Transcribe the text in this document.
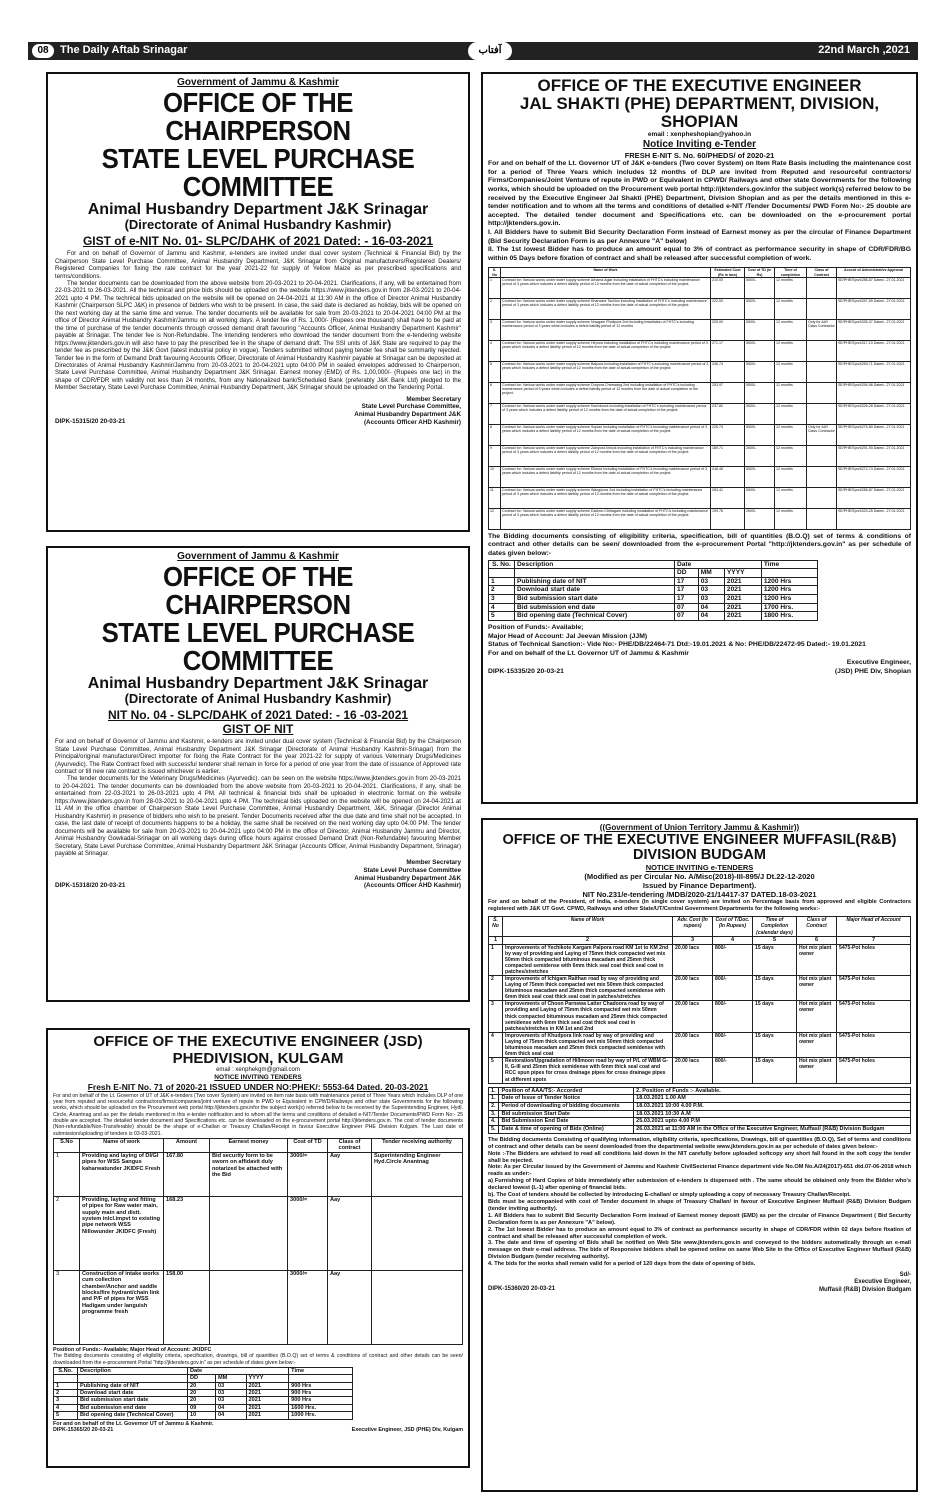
08	The Daily Aftab Srinagar	آفتاب	22nd March ,2021
Government of Jammu & Kashmir
OFFICE OF THE CHAIRPERSON
STATE LEVEL PURCHASE COMMITTEE
Animal Husbandry Department J&K Srinagar
(Directorate of Animal Husbandry Kashmir)
GIST of e-NIT No. 01- SLPC/DAHK of 2021 Dated: - 16-03-2021

For and on behalf of Governor of Jammu and Kashmir, e-tenders are invited under dual cover system (Technical & Financial Bid) by the Chairperson State Level Purchase Committee, Animal Husbandry Department, J&K Srinagar from Original manufacturers/Registered Dealers/ Registered Companies for fixing the rate contract for the year 2021-22 for supply of Yellow Maize as per prescribed specifications and terms/conditions.

The tender documents can be downloaded from the above website from 20-03-2021 to 20-04-2021. Clarifications, if any, will be entertained from 22-03-2021 to 26-03-2021. All the technical and price bids should be uploaded on the website https://www.jktenders.gov.in from 28-03-2021 to 20-04-2021 upto 4 PM. The technical bids uploaded on the website will be opened on 24-04-2021 at 11:30 AM in the office of Director Animal Husbandry Kashmir (Chairperson SLPC J&K) in presence of bidders who wish to be present. In case, the said date is declared as holiday, bids will be opened on the next working day at the same time and venue. The tender documents will be available for sale from 20-03-2021 to 20-04-2021 04:00 PM at the office of Director Animal Husbandry Kashmir/Jammu on all working days. A tender fee of Rs. 1,000/- (Rupees one thousand) shall have to be paid at the time of purchase of the tender documents through crossed demand draft favouring "Accounts Officer, Animal Husbandry Department Kashmir" payable at Srinagar. The tender fee is Non-Refundable. The intending tenderers who download the tender document from the e-tendering website https://www.jktenders.gov.in will also have to pay the prescribed fee in the shape of demand draft. The SSI units of J&K State are required to pay the tender fee as prescribed by the J&K Govt (latest industrial policy in vogue). Tenders submitted without paying tender fee shall be summarily rejected. Tender fee in the form of Demand Draft favouring Accounts Officer, Directorate of Animal Husbandry Kashmir payable at Srinagar can be deposited at Directorates of Animal Husbandry Kashmir/Jammu from 20-03-2021 to 20-04-2021 upto 04:00 PM in sealed envelopes addressed to Chairperson, State Level Purchase Committee, Animal Husbandry Department J&K Srinagar. Earnest money (EMD) of Rs. 1,00,000/- (Rupees one lac) in the shape of CDR/FDR with validity not less than 24 months, from any Nationalized bank/Scheduled Bank (preferably J&K Bank Ltd) pledged to the Member Secretary, State Level Purchase Committee, Animal Husbandry Department, J&K Srinagar should be uploaded on the Tendering Portal.

Member Secretary
State Level Purchase Committee,
Animal Husbandry Department J&K
(Accounts Officer AHD Kashmir)
DIPK-15315/20 20-03-21
Government of Jammu & Kashmir
OFFICE OF THE CHAIRPERSON
STATE LEVEL PURCHASE COMMITTEE
Animal Husbandry Department J&K Srinagar
(Directorate of Animal Husbandry Kashmir)
NIT No. 04 - SLPC/DAHK of 2021 Dated: - 16 -03-2021
GIST OF NIT

For and on behalf of Governor of Jammu and Kashmir, e-tenders are invited under dual cover system (Technical & Financial Bid) by the Chairperson State Level Purchase Committee, Animal Husbandry Department J&K Srinagar (Directorate of Animal Husbandry Kashmir-Srinagar) from the Principal/original manufacturer/Direct importer for fixing the Rate Contract for the year 2021-22 for supply of various Veterinary Drugs/Medicines (Ayurvedic). The Rate Contract fixed with successful tenderer shall remain in force for a period of one year from the date of issuance of Approved rate contract or till new rate contract is issued whichever is earlier.

The tender documents for the Veterinary Drugs/Medicines (Ayurvedic). can be seen on the website https://www.jktenders.gov.in from 20-03-2021 to 20-04-2021. The tender documents can be downloaded from the above website from 20-03-2021 to 20-04-2021. Clarifications, if any, shall be entertained from 22-03-2021 to 26-03-2021 upto 4 PM. All technical & financial bids shall be uploaded in electronic format on the website https://www.jktenders.gov.in from 28-03-2021 to 20-04-2021 upto 4 PM. The technical bids uploaded on the website will be opened on 24-04-2021 at 11 AM in the office chamber of Chairperson State Level Purchase Committee, Animal Husbandry Department, J&K, Srinagar (Director Animal Husbandry Kashmir) in presence of bidders who wish to be present. Tender Documents received after the due date and time shall not be accepted. In case, the last date of receipt of documents happens to be a holiday, the same shall be received on the next working day upto 04.00 PM. The tender documents will be available for sale from 20-03-2021 to 20-04-2021 upto 04:00 PM in the office of Director, Animal Husbandry Jammu and Director, Animal Husbandry Gowkadal-Srinagar on all working days during office hours against crossed Demand Draft (Non-Refundable) favouring Member Secretary, State Level Purchase Committee, Animal Husbandry Department J&K Srinagar (Accounts Officer, Animal Husbandry Department, Srinagar) payable at Srinagar.

Member Secretary
State Level Purchase Committee
Animal Husbandry Department J&K
(Accounts Officer AHD Kashmir)
DIPK-15318/20 20-03-21
OFFICE OF THE EXECUTIVE ENGINEER (JSD) PHEDIVISION, KULGAM
email : xenphekgm@gmail.com
NOTICE INVITING TENDERS
Fresh E-NIT No. 71 of 2020-21 ISSUED UNDER NO:PHEK/: 5553-64 Dated. 20-03-2021
For and on behalf of the Lt. Governor of UT of J&K e-tenders (Two cover System) are invited on item rate basis with maintenance period of Three Years which includes DLP of one year from reputed and resourceful contractors/firms/companies/joint venture of repute in PWD or Equivalent in CPWD/Railways and other state Governments for the following works, which should be uploaded on the Procurement web portal http://jktenders.gov.infor the subject work(s) referred below to be received by the Superintending Engineer, Hydl. Circle, Anantnag and as per the details mentioned in this e-tender notification and to whom all the terms and conditions of detailed e-NIT/Tender Documents/PWD Form No:- 25 double are accepted. The detailed tender document and Specifications etc. can be downloaded on the e-procurement portal http://jktenders.gov.in. The cost of tender documents (Non-refundable/Non-Transferable) should be the shape of e-Challan or Treasury Challan/Receipt in favour Executive Engineer PHE Division Kulgam. The Last date of submission/uploading of tenders is 03-03-2021.
S.No	Name of work	Amount	Earnest money	Cost of TD	Class of contract	Tender receiving authority
1	Providing and laying of DI/GI pipes for WSS Sangus kaharwatunder JKIDFC Fresh	167.80	Bid security form to be sworn on affidavit duly notarized be attached with the Bid	3000/=	Aay	Superintending Engineer Hyd.Circle Anantnag
2	Providing, laying and fitting of pipes for Raw water main, supply main and distt. system inlcl.impvt to existing pipe network WSS Nillowunder JKIDFC (Fresh)	168.23		3000/=	Aay	
3	Construction of intake works cum collection chamber/Anchor and saddle blocks/fire hydrant/chain link and P/F of pipes for WSS Hadigam under languish programme fresh	158.00		3000/=	Aay	
Position of Funds:- Available; Major Head of Account: JKIDFC
The Bidding documents consisting of eligibility criteria, specification, drawings, bill of quantities (B.O.Q) set of terms & conditions of contract and other details can be seen/ downloaded from the e-procurement Portal "http://jktenders.gov.in" as per schedule of dates given below:-
S.No.	Description	Date			Time
		DD	MM	YYYY	
1	Publishing date of NIT	20	03	2021	900 Hrs
2	Download start date	20	03	2021	900 Hrs
3	Bid submission start date	20	03	2021	900 Hrs
4	Bid submission end date	09	04	2021	1600 Hrs.
5	Bid opening date (Technical Cover)	10	04	2021	1000 Hrs.
For and on behalf of the Lt. Governor UT of Jammu & Kashmir.
DIPK-15365/20 20-03-21	Executive Engineer, JSD (PHE) Div, Kulgam
OFFICE OF THE EXECUTIVE ENGINEER
JAL SHAKTI (PHE) DEPARTMENT, DIVISION, SHOPIAN
email : xenpheshopian@yahoo.in
Notice Inviting e-Tender
FRESH E-NIT S. No. 60/PHEDS/ of 2020-21
For and on behalf of the Lt. Governor UT of J&K e-tenders (Two cover System) on Item Rate Basis including the maintenance cost for a period of Three Years which includes 12 months of DLP are invited from Reputed and resourceful contractors/ Firms/Companies/Joint Venture of repute in PWD or Equivalent in CPWD/ Railways and other state Governments for the following works, which should be uploaded on the Procurement web portal http://jktenders.gov.infor the subject work(s) referred below to be received by the Executive Engineer Jal Shakti (PHE) Department, Division Shopian and as per the details mentioned in this e-tender notification and to whom all the terms and conditions of detailed e-NIT /Tender Documents/ PWD Form No:- 25 double are accepted. The detailed tender document and Specifications etc. can be downloaded on the e-procurement portal http://jktenders.gov.in.
I. All Bidders have to submit Bid Security Declaration Form instead of Earnest money as per the circular of Finance Department (Bid Security Declaration Form is as per Annexure "A" below)
II. The 1st lowest Bidder has to produce an amount equal to 3% of contract as performance security in shape of CDR/FDR/BG within 05 Days before fixation of contract and shall be released after successful completion of work.
S. No	Name of Work	Estimated Cost (Rs in lacs)	Cost of TD (in Rs)	Time of completion	Class of Contract	Accord of Administrative Approval
1	Contract for: Various works under water supply scheme Arhama Agiar including installation of FHTC's including maintenance period of 3 years which includes a defect liability period of 12 months from the date of actual completion of the project.	210.00	5500/-	12 months		SE/PHE/Spn/4285-87 Dated:- 27.01.2021
2	Contract for: Various works under water supply scheme Kharwara Tachloo including installation of FHTC's including maintenance period of 3 years which includes a defect liability period of 12 months from the date of actual completion of the project.	222.00	5500/-	12 months		SE/PHE/Spn/4257-59 Dated:- 27.01.2021
3	Contract for: Various works under water supply scheme Nowgam Pholipora 2nd including installation of FHTC's including maintenance period of 3 years which includes a defect liability period of 12 months	225.00	5500/-	12 months	Only for AAY Class Contractor	SE/PHE/Spn/4335-37 Dated:- 27.01.2021
4	Contract for: Various works under water supply scheme Hirpora including installation of FHTC's including maintenance period of 3 years which includes a defect liability period of 12 months from the date of actual completion of the project.	271.17	5500/-	12 months		SE/PHE/Spn/4317-19 Dated:- 27.01.2021
5	Contract for: Various works under water supply scheme Balpora including installation of FHTC's including maintenance period of 3 years which includes a defect liability period of 12 months from the date of actual completion of the project.	246.74	5500/-	12 months		SE/PHE/Spn/4269-71 Dated:- 27.01.2021
6	Contract for: Various works under water supply scheme Durpora Cheewang 2nd including installation of FHTC's including maintenance period of 3 years which includes a defect liability period of 12 months from the date of actual completion of the project.	253.97	5500/-	12 months		SE/PHE/Spn/4294-96 Dated:- 27.01.2021
7	Contract for: Various works under water supply scheme Kachdoora including installation of FHTC's including maintenance period of 3 years which includes a defect liability period of 12 months from the date of actual completion of the project.	237.80	5500/-	12 months		SE/PHE/Spn/4326-28 Dated:- 27.01.2021
8	Contract for: Various works under water supply scheme Sopian including installation of FHTC's including maintenance period of 3 years which includes a defect liability period of 12 months from the date of actual completion of the project.	226.74	5500/-	12 months	Only for AAY Class Contractor	SE/PHE/Spn/4275-80 Dated:- 27.01.2021
9	Contract for: Various works under water supply scheme Zainpora Imlock including installation of FHTC's including maintenance period of 3 years which includes a defect liability period of 12 months from the date of actual completion of the project.	189.71	2600/-	12 months		SE/PHE/Spn/4291-93 Dated:- 27.01.2021
10	Contract for: Various works under water supply scheme Ellaora including installation of FHTC's including maintenance period of 3 years which includes a defect liability period of 12 months from the date of actual completion of the project.	248.46	5500/-	12 months		SE/PHE/Spn/4272-74 Dated:- 27.01.2021
11	Contract for: Various works under water supply scheme Wangipora 2nd including installation of FHTC's including maintenance period of 3 years which includes a defect liability period of 12 months from the date of actual completion of the project.	283.41	5500/-	12 months		SE/PHE/Spn/4285-87 Dated:- 27.01.2021
12	Contract for: Various works under water supply scheme Dachoo Chitragam including installation of FHTC's including maintenance period of 3 years which includes a defect liability period of 12 months from the date of actual completion of the project.	199.76	2600/-	12 months		SE/PHE/Spn/4323-25 Dated:- 27.01.2021
The Bidding documents consisting of eligibility criteria, specification, bill of quantities (B.O.Q) set of terms & conditions of contract and other details can be seen/ downloaded from the e-procurement Portal "http://jktenders.gov.in" as per schedule of dates given below:-
S. No.	Description	Date			Time
		DD	MM	YYYY	
1	Publishing date of NIT	17	03	2021	1200 Hrs
2	Download start date	17	03	2021	1200 Hrs
3	Bid submission start date	17	03	2021	1200 Hrs
4	Bid submission end date	07	04	2021	1700 Hrs.
5	Bid opening date (Technical Cover)	07	04	2021	1800 Hrs.
Position of Funds:- Available;
Major Head of Account: Jal Jeevan Mission (JJM)
Status of Technical Sanction:- Vide No:- PHE/DB/22464-71 Dtd:-19.01.2021 & No: PHE/DB/22472-95 Dated:- 19.01.2021
For and on behalf of the Lt. Governor UT of Jammu & Kashmir
Executive Engineer,
(JSD) PHE Div, Shopian
DIPK-15335/20 20-03-21
((Government of Union Territory Jammu & Kashmir))
OFFICE OF THE EXECUTIVE ENGINEER MUFFASIL(R&B) DIVISION BUDGAM
NOTICE INVITING e-TENDERS
(Modified as per Circular No. A/Misc(2018)-III-895/J Dt.22-12-2020
Issued by Finance Department).
NIT No.231/e-tendering /MDB/2020-21/14417-37 DATED.18-03-2021
For and on behalf of the President, of India, e-tenders (In single cover system) are invited on Percentage basis from approved and eligible Contractors registered with J&K UT Govt. CPWD, Railways and other State/UT/Central Government Departments for the following works:-
S. No	Name of Work	Adv. Cost (In rupees)	Cost of T/Doc. (In Rupees)	Time of Completion (calendar days)	Class of Contract	Major Head of Account
1	2	3	4	5	6	7
1	Improvements of Yechikote Kargam Palpora road KM 1st to KM 2nd by way of providing and Laying of 75mm thick compacted wet mix 50mm thick compacted bituminous macadam and 25mm thick compacted semidense with 6mm thick seal coat thick seal coat in patches/stretches	20.00 lacs	800/-	15 days	Hot mix plant owner	5475-Pot holes
2	Improvements of Ichigam Raithan road by way of providing and Laying of 75mm thick compacted wet mix 50mm thick compacted bituminous macadam and 25mm thick compacted semidense with 6mm thick seal coat thick seal coat in patches/stretches	20.00 lacs	800/-	15 days	Hot mix plant owner	5475-Pot holes
3	Improvements of Choon Parnewa Latter Chadoora road by way of providing and Laying of 75mm thick compacted wet mix 50mm thick compacted bituminous macadam and 25mm thick compacted semidense with 6mm thick seal coat thick seal coat in patches/stretches in KM 1st and 2nd	20.00 lacs	800/-	15 days	Hot mix plant owner	5475-Pot holes
4	Improvements of Khudpora link road by way of providing and Laying of 75mm thick compacted wet mix 50mm thick compacted bituminous macadam and 25mm thick compacted semidense with 6mm thick seal coat	20.00 lacs	800/-	15 days	Hot mix plant owner	5475-Pot holes
5	Restoration/Upgradation of Hillmoon road by way of P/L of WBM G-II, G-III and 25mm thick semidense with 6mm thick seal coat and RCC spun pipes for cross drainage pipes for cross drainage pipes at different spots	20.00 lacs	800/-	15 days	Hot mix plant owner	5475-Pot holes
1.	Position of AAA/TS:- Accorded	2. Position of Funds :- Available.
1.	Date of Issue of Tender Notice	18.03.2021 1.00 AM
2.	Period of downloading of bidding documents	18.03.2021 10:00 4.00 P.M.
3.	Bid submission Start Date	18.03.2021 10:30 A.M
4.	Bid Submission End Date	25.03.2021 upto 4.00 P.M
5.	Date & time of opening of Bids (Online)	26.03.2021 at 11:00 AM in the Office of the Executive Engineer, Muffasil (R&B) Division Budgam
The Bidding documents Consisting of qualifying information, eligibility criteria, specifications, Drawings, bill of quantities (B.O.Q), Set of terms and conditions of contract and other details can be seen/ downloaded from the departmental website www.jktenders.gov.in as per schedule of dates given below:-
Note :-The Bidders are advised to read all conditions laid down in the NIT carefully before uploaded softcopy any short fall found in the soft copy the tender shall be rejected.
Note: As per Circular issued by the Government of Jammu and Kashmir CivilSecteriat Finance department vide No.OM No.A/24(2017)-651 dtd.07-06-2018 which reads as under:-
a) Furnishing of Hard Copies of bids immediately after submission of e-tenders is dispensed with . The same should be obtained only from the Bidder who's declared lowest (L-1) after opening of financial bids.
b). The Cost of tenders should be collected by introducing E-challan/ or simply uploading a copy of necessary Treasury Challan/Receipt.
Bids must be accompanied with cost of Tender document in shape of Treasury Challan/ in favour of Executive Engineer Muffasil (R&B) Division Budgam (tender inviting authority).
1. All Bidders has to submit Bid Security Declaration Form instead of Earnest money deposit (EMD) as per the circular of Finance Department ( Bid Security Declaration form is as per Annexure "A" below).
2. The 1st lowest Bidder has to produce an amount equal to 3% of contract as performance security in shape of CDR/FDR within 02 days before fixation of contract and shall be released after successful completion of work.
3. The date and time of opening of Bids shall be notified on Web Site www.jktenders.gov.in and conveyed to the bidders automatically through an e-mail message on their e-mail address. The bids of Responsive bidders shall be opened online on same Web Site in the Office of Executive Engineer Muffasil (R&B) Division Budgam (tender receiving authority).
4. The bids for the works shall remain valid for a period of 120 days from the date of opening of bids.
Sd/-
Executive Engineer,
Muffasil (R&B) Division Budgam
DIPK-15360/20 20-03-21
